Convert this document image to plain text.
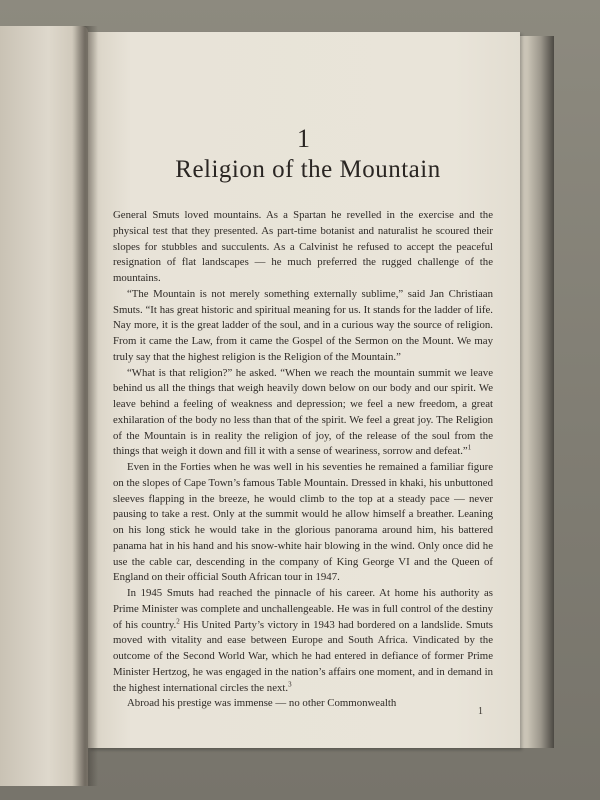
1
Religion of the Mountain

General Smuts loved mountains. As a Spartan he revelled in the exercise and the physical test that they presented. As part-time botanist and naturalist he scoured their slopes for stubbles and succulents. As a Calvinist he refused to accept the peaceful resignation of flat landscapes — he much preferred the rugged challenge of the mountains.

“The Mountain is not merely something externally sublime,” said Jan Christiaan Smuts. “It has great historic and spiritual meaning for us. It stands for the ladder of life. Nay more, it is the great ladder of the soul, and in a curious way the source of religion. From it came the Law, from it came the Gospel of the Sermon on the Mount. We may truly say that the highest religion is the Religion of the Mountain.”

“What is that religion?” he asked. “When we reach the mountain summit we leave behind us all the things that weigh heavily down below on our body and our spirit. We leave behind a feeling of weakness and depression; we feel a new freedom, a great exhilaration of the body no less than that of the spirit. We feel a great joy. The Religion of the Mountain is in reality the religion of joy, of the release of the soul from the things that weigh it down and fill it with a sense of weariness, sorrow and defeat.”$^1$

Even in the Forties when he was well in his seventies he remained a familiar figure on the slopes of Cape Town’s famous Table Mountain. Dressed in khaki, his unbuttoned sleeves flapping in the breeze, he would climb to the top at a steady pace — never pausing to take a rest. Only at the summit would he allow himself a breather. Leaning on his long stick he would take in the glorious panorama around him, his battered panama hat in his hand and his snow-white hair blowing in the wind. Only once did he use the cable car, descending in the company of King George VI and the Queen of England on their official South African tour in 1947.

In 1945 Smuts had reached the pinnacle of his career. At home his authority as Prime Minister was complete and unchallengeable. He was in full control of the destiny of his country.$^2$ His United Party’s victory in 1943 had bordered on a landslide. Smuts moved with vitality and ease between Europe and South Africa. Vindicated by the outcome of the Second World War, which he had entered in defiance of former Prime Minister Hertzog, he was engaged in the nation’s affairs one moment, and in demand in the highest international circles the next.$^3$

Abroad his prestige was immense — no other Commonwealth

1
